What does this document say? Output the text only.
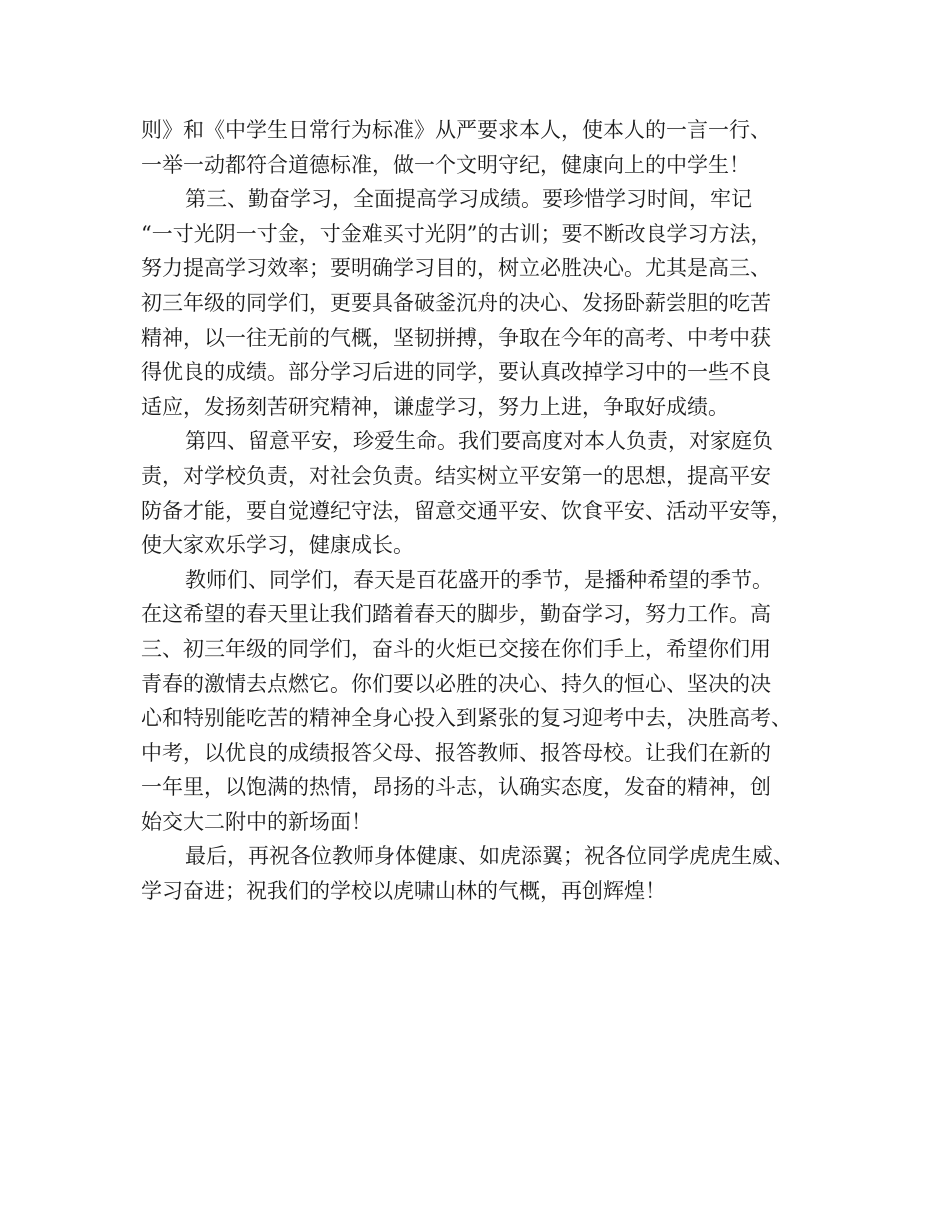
则》和《中学生日常行为标准》从严要求本人，使本人的一言一行、
一举一动都符合道德标准，做一个文明守纪，健康向上的中学生！
第三、勤奋学习，全面提高学习成绩。要珍惜学习时间，牢记
“一寸光阴一寸金，寸金难买寸光阴”的古训；要不断改良学习方法，
努力提高学习效率；要明确学习目的，树立必胜决心。尤其是高三、
初三年级的同学们，更要具备破釜沉舟的决心、发扬卧薪尝胆的吃苦
精神，以一往无前的气概，坚韧拼搏，争取在今年的高考、中考中获
得优良的成绩。部分学习后进的同学，要认真改掉学习中的一些不良
适应，发扬刻苦研究精神，谦虚学习，努力上进，争取好成绩。
第四、留意平安，珍爱生命。我们要高度对本人负责，对家庭负
责，对学校负责，对社会负责。结实树立平安第一的思想，提高平安
防备才能，要自觉遵纪守法，留意交通平安、饮食平安、活动平安等，
使大家欢乐学习，健康成长。
教师们、同学们，春天是百花盛开的季节，是播种希望的季节。
在这希望的春天里让我们踏着春天的脚步，勤奋学习，努力工作。高
三、初三年级的同学们，奋斗的火炬已交接在你们手上，希望你们用
青春的激情去点燃它。你们要以必胜的决心、持久的恒心、坚决的决
心和特别能吃苦的精神全身心投入到紧张的复习迎考中去，决胜高考、
中考，以优良的成绩报答父母、报答教师、报答母校。让我们在新的
一年里，以饱满的热情，昂扬的斗志，认确实态度，发奋的精神，创
始交大二附中的新场面！
最后，再祝各位教师身体健康、如虎添翼；祝各位同学虎虎生威、
学习奋进；祝我们的学校以虎啸山林的气概，再创辉煌！
